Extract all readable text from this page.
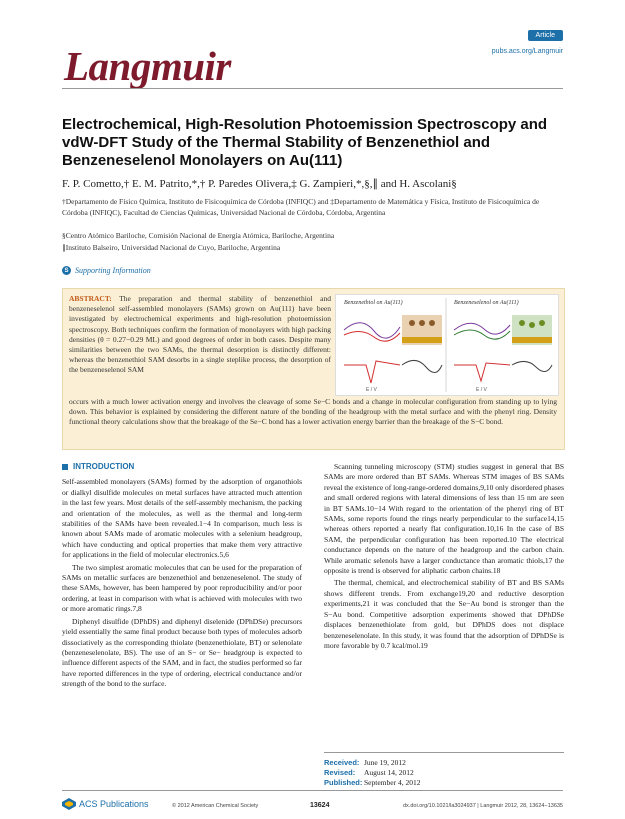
Langmuir
Article
pubs.acs.org/Langmuir
Electrochemical, High-Resolution Photoemission Spectroscopy and vdW-DFT Study of the Thermal Stability of Benzenethiol and Benzeneselenol Monolayers on Au(111)
F. P. Cometto,† E. M. Patrito,*,† P. Paredes Olivera,‡ G. Zampieri,*,§,∥ and H. Ascolani§
†Departamento de Físico Química, Instituto de Fisicoquímica de Córdoba (INFIQC) and ‡Departamento de Matemática y Física, Instituto de Fisicoquímica de Córdoba (INFIQC), Facultad de Ciencias Químicas, Universidad Nacional de Córdoba, Córdoba, Argentina
§Centro Atómico Bariloche, Comisión Nacional de Energía Atómica, Bariloche, Argentina
∥Instituto Balseiro, Universidad Nacional de Cuyo, Bariloche, Argentina
S Supporting Information
ABSTRACT: The preparation and thermal stability of benzenethiol and benzeneselenol self-assembled monolayers (SAMs) grown on Au(111) have been investigated by electrochemical experiments and high-resolution photoemission spectroscopy. Both techniques confirm the formation of monolayers with high packing densities (θ = 0.27−0.29 ML) and good degrees of order in both cases. Despite many similarities between the two SAMs, the thermal desorption is distinctly different: whereas the benzenethiol SAM desorbs in a single steplike process, the desorption of the benzeneselenol SAM
Benzenethiol on Au(111)	Benzeneselenol on Au(111)
E / V	E / V
occurs with a much lower activation energy and involves the cleavage of some Se−C bonds and a change in molecular configuration from standing up to lying down. This behavior is explained by considering the different nature of the bonding of the headgroup with the metal surface and with the phenyl ring. Density functional theory calculations show that the breakage of the Se−C bond has a lower activation energy barrier than the breakage of the S−C bond.
INTRODUCTION

Self-assembled monolayers (SAMs) formed by the adsorption of organothiols or dialkyl disulfide molecules on metal surfaces have attracted much attention in the last few years. Most details of the self-assembly mechanism, the packing and orientation of the molecules, as well as the thermal and long-term stabilities of the SAMs have been revealed.1−4 In comparison, much less is known about SAMs made of aromatic molecules with a selenium headgroup, which have conducting and optical properties that make them very attractive for applications in the field of molecular electronics.5,6

The two simplest aromatic molecules that can be used for the preparation of SAMs on metallic surfaces are benzenethiol and benzeneselenol. The study of these SAMs, however, has been hampered by poor reproducibility and/or poor ordering, at least in comparison with what is achieved with molecules with two or more aromatic rings.7,8

Diphenyl disulfide (DPhDS) and diphenyl diselenide (DPhDSe) precursors yield essentially the same final product because both types of molecules adsorb dissociatively as the corresponding thiolate (benzenethiolate, BT) or selenolate (benzeneselenolate, BS). The use of an S− or Se− headgroup is expected to influence different aspects of the SAM, and in fact, the studies performed so far have reported differences in the type of ordering, electrical conductance and/or strength of the bond to the surface.

Scanning tunneling microscopy (STM) studies suggest in general that BS SAMs are more ordered than BT SAMs. Whereas STM images of BS SAMs reveal the existence of long-range-ordered domains,9,10 only disordered phases and small ordered regions with lateral dimensions of less than 15 nm are seen in BT SAMs.10−14 With regard to the orientation of the phenyl ring of BT SAMs, some reports found the rings nearly perpendicular to the surface14,15 whereas others reported a nearly flat configuration.10,16 In the case of BS SAM, the perpendicular configuration has been reported.10 The electrical conductance depends on the nature of the headgroup and the carbon chain. While aromatic selenols have a larger conductance than aromatic thiols,17 the opposite is trend is observed for aliphatic carbon chains.18

The thermal, chemical, and electrochemical stability of BT and BS SAMs shows different trends. From exchange19,20 and reductive desorption experiments,21 it was concluded that the Se−Au bond is stronger than the S−Au bond. Competitive adsorption experiments showed that DPhDSe displaces benzenethiolate from gold, but DPhDS does not displace benzeneselenolate. In this study, it was found that the adsorption of DPhDSe is more favorable by 0.7 kcal/mol.19

Received: June 19, 2012
Revised: August 14, 2012
Published: September 4, 2012
ACS Publications	© 2012 American Chemical Society	13624	dx.doi.org/10.1021/la3024937 | Langmuir 2012, 28, 13624−13635
